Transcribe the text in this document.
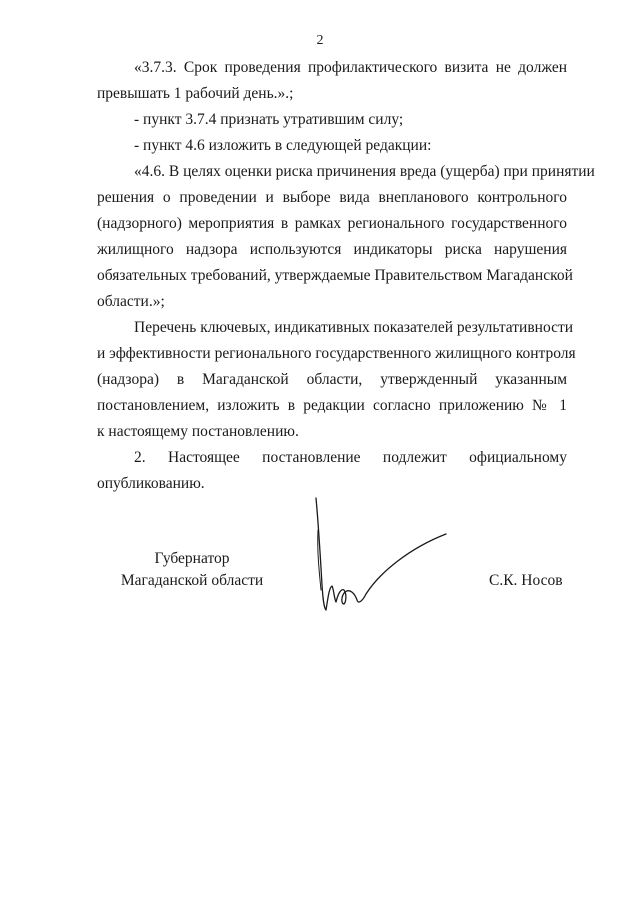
2
«3.7.3. Срок проведения профилактического визита не должен
превышать 1 рабочий день.».;
- пункт 3.7.4 признать утратившим силу;
- пункт 4.6 изложить в следующей редакции:
«4.6. В целях оценки риска причинения вреда (ущерба) при принятии
решения о проведении и выборе вида внепланового контрольного
(надзорного) мероприятия в рамках регионального государственного
жилищного надзора используются индикаторы риска нарушения
обязательных требований, утверждаемые Правительством Магаданской
области.»;
Перечень ключевых, индикативных показателей результативности
и эффективности регионального государственного жилищного контроля
(надзора) в Магаданской области, утвержденный указанным
постановлением, изложить в редакции согласно приложению № 1
к настоящему постановлению.
2. Настоящее постановление подлежит официальному
опубликованию.
Губернатор
Магаданской области	С.К. Носов
